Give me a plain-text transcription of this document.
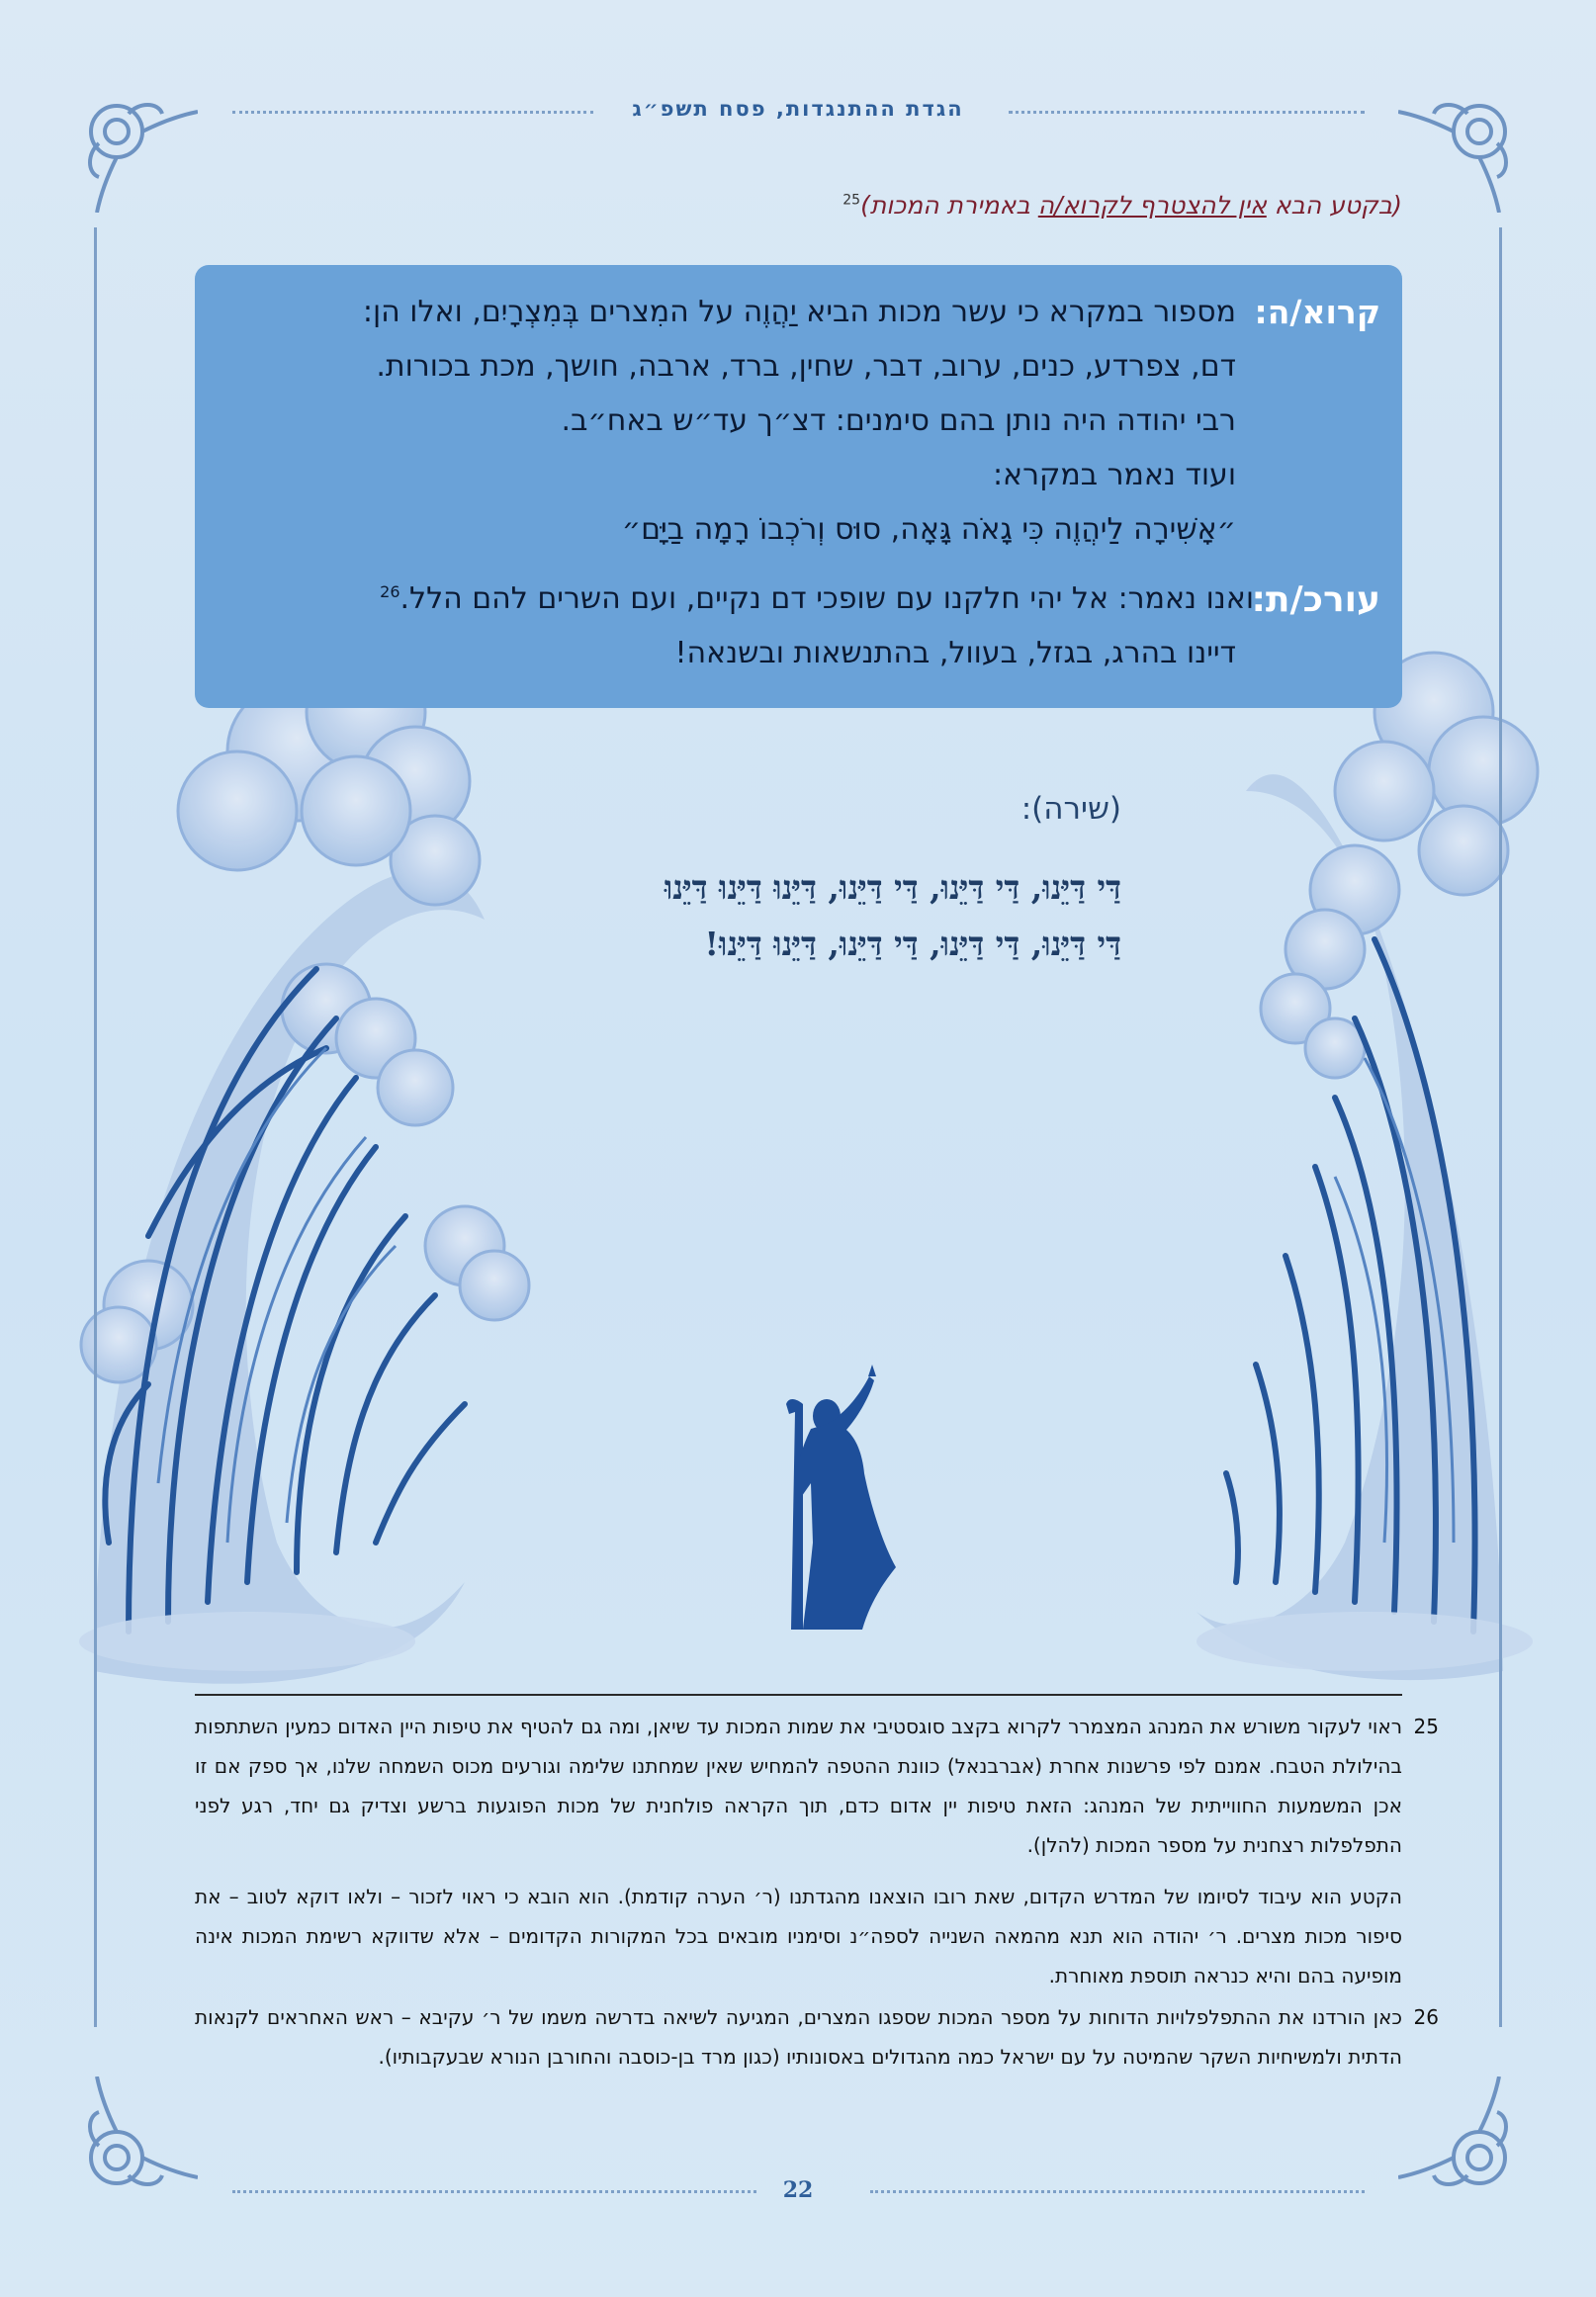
הגדת ההתנגדות, פסח תשפ״ג
(בקטע הבא אין להצטרף לקרוא/ה באמירת המכות)$^{25}$
קרוא/ה:
מספור במקרא כי עשר מכות הביא יַהֲוֶה על המִצרים בְּמִצְרָיִם, ואלו הן:
דם, צפרדע, כנים, ערוב, דבר, שחין, ברד, ארבה, חושך, מכת בכורות.
רבי יהודה היה נותן בהם סימנים: דצ״ך עד״ש באח״ב.
ועוד נאמר במקרא:
״אָשִׁירָה לַיהֲוֶה כִּי גָאֹה גָּאָה, סוּס וְרֹכְבוֹ רָמָה בַיָּם״
עורכ/ת:
ואנו נאמר: אל יהי חלקנו עם שופכי דם נקיים, ועם השרים להם הלל.$^{26}$
דיינו בהרג, בגזל, בעוול, בהתנשאות ובשנאה!
(שירה):
דַּי דַּיֵּנוּ, דַּי דַּיֵּנוּ, דַּי דַּיֵּנוּ, דַּיֵּנוּ דַּיֵּנוּ דַּיֵּנוּ
דַּי דַּיֵּנוּ, דַּי דַּיֵּנוּ, דַּי דַּיֵּנוּ, דַּיֵּנוּ דַּיֵּנוּ!
25

ראוי לעקור משורש את המנהג המצמרר לקרוא בקצב סוגסטיבי את שמות המכות עד שיאן, ומה גם להטיף את טיפות היין האדום כמעין השתתפות בהילולת הטבח. אמנם לפי פרשנות אחרת (אברבנאל) כוונת ההטפה להמחיש שאין שמחתנו שלימה וגורעים מכוס השמחה שלנו, אך ספק אם זו אכן המשמעות החווייתית של המנהג: הזאת טיפות יין אדום כדם, תוך הקראה פולחנית של מכות הפוגעות ברשע וצדיק גם יחד, רגע לפני התפלפלות רצחנית על מספר המכות (להלן).

הקטע הוא עיבוד לסיומו של המדרש הקדום, שאת רובו הוצאנו מהגדתנו (ר׳ הערה קודמת). הוא הובא כי ראוי לזכור – ולאו דוקא לטוב – את סיפור מכות מצרים. ר׳ יהודה הוא תנא מהמאה השנייה לספה״נ וסימניו מובאים בכל המקורות הקדומים – אלא שדווקא רשימת המכות אינה מופיעה בהם והיא כנראה תוספת מאוחרת.

26

כאן הורדנו את ההתפלפלויות הדוחות על מספר המכות שספגו המצרים, המגיעה לשיאה בדרשה משמו של ר׳ עקיבא – ראש האחראים לקנאות הדתית ולמשיחיות השקר שהמיטה על עם ישראל כמה מהגדולים באסונותיו (כגון מרד בן-כוסבה והחורבן הנורא שבעקבותיו).

22
